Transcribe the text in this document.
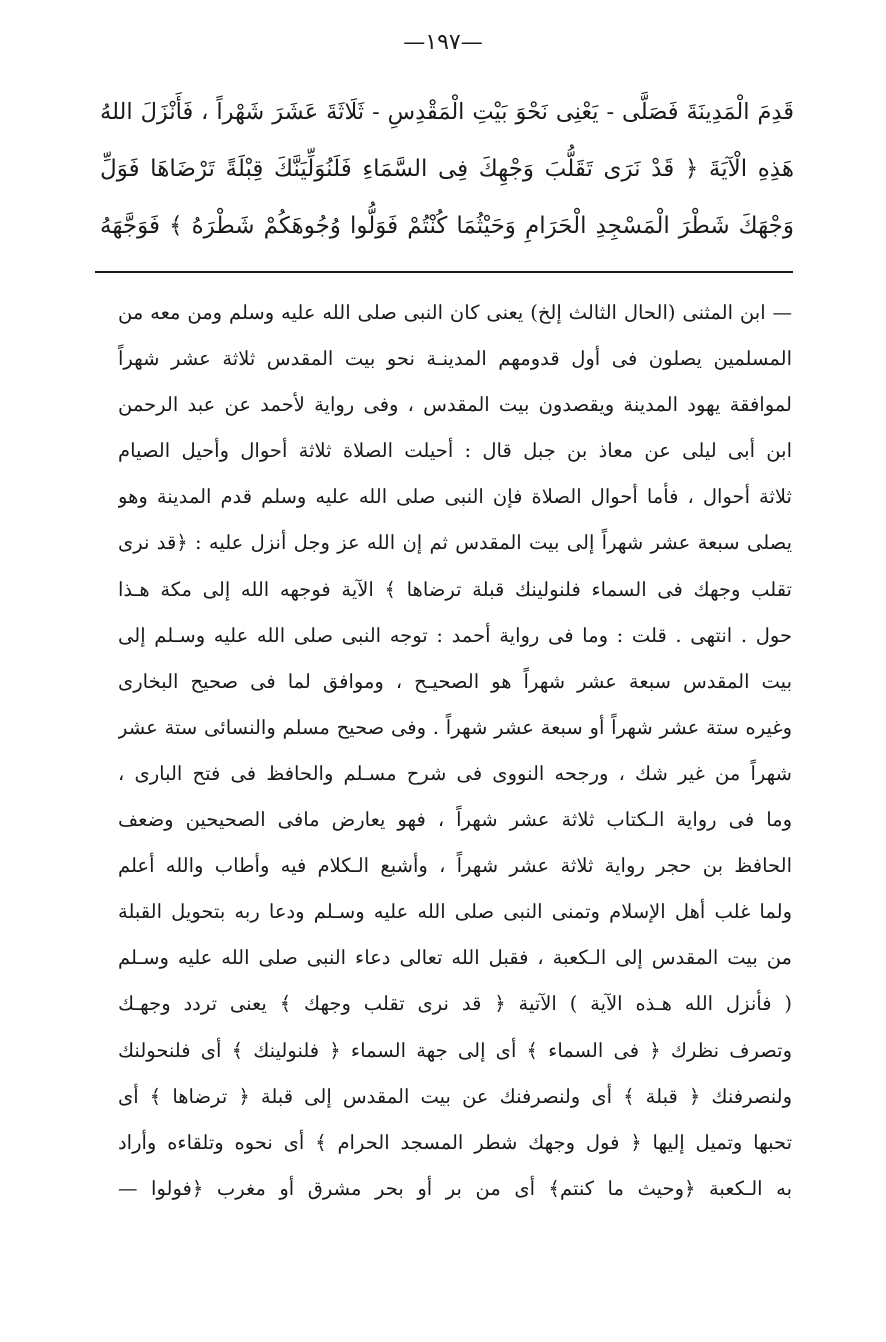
—١٩٧—
قَدِمَ الْمَدِينَةَ فَصَلَّى - يَعْنِى نَحْوَ بَيْتِ الْمَقْدِسِ - ثَلَاثَةَ عَشَرَ شَهْراً ، فَأَنْزَلَ اللهُ
هَذِهِ الْآيَةَ ﴿ قَدْ نَرَى تَقَلُّبَ وَجْهِكَ فِى السَّمَاءِ فَلَنُوَلِّيَنَّكَ قِبْلَةً تَرْضَاهَا فَوَلِّ
وَجْهَكَ شَطْرَ الْمَسْجِدِ الْحَرَامِ وَحَيْثُمَا كُنْتُمْ فَوَلُّوا وُجُوهَكُمْ شَطْرَهُ ﴾ فَوَجَّهَهُ
— ابن المثنى (الحال الثالث إلخ) يعنى كان النبى صلى الله عليه وسلم ومن معه من
المسلمين يصلون فى أول قدومهم المدينـة نحو بيت المقدس ثلاثة عشر شهراً
لموافقة يهود المدينة ويقصدون بيت المقدس ، وفى رواية لأحمد عن عبد الرحمن
ابن أبى ليلى عن معاذ بن جبل قال : أحيلت الصلاة ثلاثة أحوال وأحيل الصيام
ثلاثة أحوال ، فأما أحوال الصلاة فإن النبى صلى الله عليه وسلم قدم المدينة وهو
يصلى سبعة عشر شهراً إلى بيت المقدس ثم إن الله عز وجل أنزل عليه : ﴿قد نرى
تقلب وجهك فى السماء فلنولينك قبلة ترضاها ﴾ الآية فوجهه الله إلى مكة هـذا
حول . انتهى . قلت : وما فى رواية أحمد : توجه النبى صلى الله عليه وسـلم إلى
بيت المقدس سبعة عشر شهراً هو الصحيـح ، وموافق لما فى صحيح البخارى
وغيره ستة عشر شهراً أو سبعة عشر شهراً . وفى صحيح مسلم والنسائى ستة عشر
شهراً من غير شك ، ورجحه النووى فى شرح مسـلم والحافظ فى فتح البارى ،
وما فى رواية الـكتاب ثلاثة عشر شهراً ، فهو يعارض مافى الصحيحين وضعف
الحافظ بن حجر رواية ثلاثة عشر شهراً ، وأشبع الـكلام فيه وأطاب والله أعلم
ولما غلب أهل الإسلام وتمنى النبى صلى الله عليه وسـلم ودعا ربه بتحويل القبلة
من بيت المقدس إلى الـكعبة ، فقبل الله تعالى دعاء النبى صلى الله عليه وسـلم
( فأنزل الله هـذه الآية ) الآتية ﴿ قد نرى تقلب وجهك ﴾ يعنى تردد وجهـك
وتصرف نظرك ﴿ فى السماء ﴾ أى إلى جهة السماء ﴿ فلنولينك ﴾ أى فلنحولنك
ولنصرفنك ﴿ قبلة ﴾ أى ولنصرفنك عن بيت المقدس إلى قبلة ﴿ ترضاها ﴾ أى
تحبها وتميل إليها ﴿ فول وجهك شطر المسجد الحرام ﴾ أى نحوه وتلقاءه وأراد
به الـكعبة ﴿وحيث ما كنتم﴾ أى من بر أو بحر مشرق أو مغرب ﴿فولوا —
